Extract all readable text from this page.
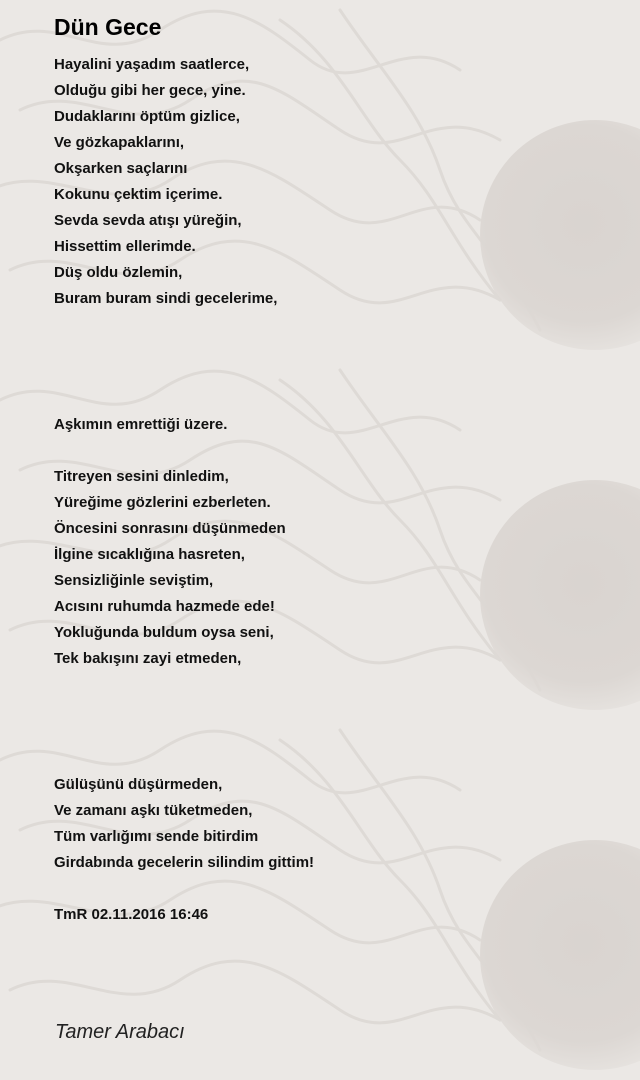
Dün Gece
Hayalini yaşadım saatlerce,
Olduğu gibi her gece, yine.
Dudaklarını öptüm gizlice,
Ve gözkapaklarını,
Okşarken saçlarını
Kokunu çektim içerime.
Sevda sevda atışı yüreğin,
Hissettim ellerimde.
Düş oldu özlemin,
Buram buram sindi gecelerime,
Aşkımın emrettiği üzere.
Titreyen sesini dinledim,
Yüreğime gözlerini ezberleten.
Öncesini sonrasını düşünmeden
İlgine sıcaklığına hasreten,
Sensizliğinle seviştim,
Acısını ruhumda hazmede ede!
Yokluğunda buldum oysa seni,
Tek bakışını zayi etmeden,
Gülüşünü düşürmeden,
Ve zamanı aşkı tüketmeden,
Tüm varlığımı sende bitirdim
Girdabında gecelerin silindim gittim!
TmR 02.11.2016 16:46
Tamer Arabacı
